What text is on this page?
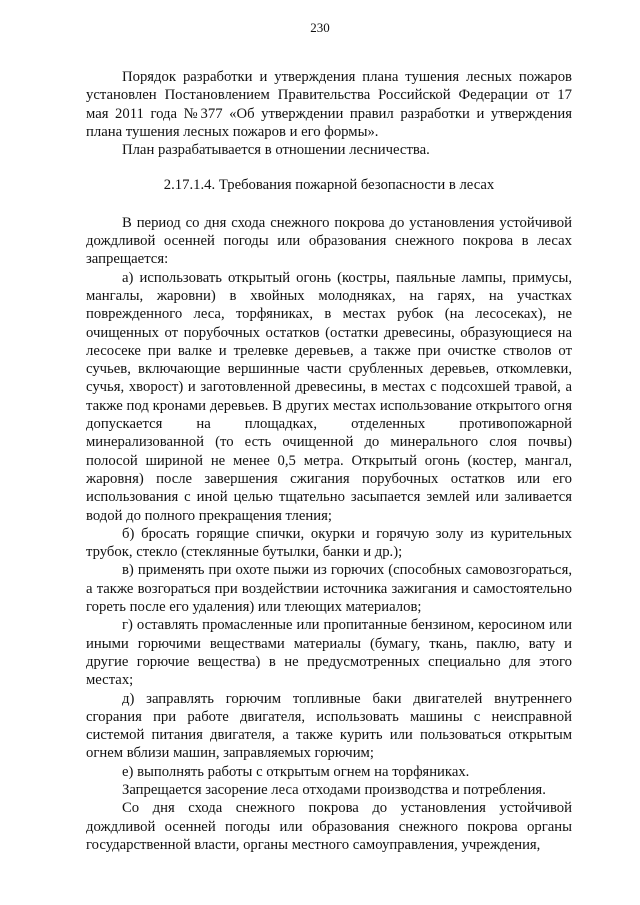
230

Порядок разработки и утверждения плана тушения лесных пожаров установлен Постановлением Правительства Российской Федерации от 17 мая 2011 года №377 «Об утверждении правил разработки и утверждения плана тушения лесных пожаров и его формы».

План разрабатывается в отношении лесничества.

2.17.1.4. Требования пожарной безопасности в лесах

В период со дня схода снежного покрова до установления устойчивой дождливой осенней погоды или образования снежного покрова в лесах запрещается:

а) использовать открытый огонь (костры, паяльные лампы, примусы, мангалы, жаровни) в хвойных молодняках, на гарях, на участках поврежденного леса, торфяниках, в местах рубок (на лесосеках), не очищенных от порубочных остатков (остатки древесины, образующиеся на лесосеке при валке и трелевке деревьев, а также при очистке стволов от сучьев, включающие вершинные части срубленных деревьев, откомлевки, сучья, хворост) и заготовленной древесины, в местах с подсохшей травой, а также под кронами деревьев. В других местах использование открытого огня допускается на площадках, отделенных противопожарной минерализованной (то есть очищенной до минерального слоя почвы) полосой шириной не менее 0,5 метра. Открытый огонь (костер, мангал, жаровня) после завершения сжигания порубочных остатков или его использования с иной целью тщательно засыпается землей или заливается водой до полного прекращения тления;

б) бросать горящие спички, окурки и горячую золу из курительных трубок, стекло (стеклянные бутылки, банки и др.);

в) применять при охоте пыжи из горючих (способных самовозгораться, а также возгораться при воздействии источника зажигания и самостоятельно гореть после его удаления) или тлеющих материалов;

г) оставлять промасленные или пропитанные бензином, керосином или иными горючими веществами материалы (бумагу, ткань, паклю, вату и другие горючие вещества) в не предусмотренных специально для этого местах;

д) заправлять горючим топливные баки двигателей внутреннего сгорания при работе двигателя, использовать машины с неисправной системой питания двигателя, а также курить или пользоваться открытым огнем вблизи машин, заправляемых горючим;

е) выполнять работы с открытым огнем на торфяниках.

Запрещается засорение леса отходами производства и потребления.

Со дня схода снежного покрова до установления устойчивой дождливой осенней погоды или образования снежного покрова органы государственной власти, органы местного самоуправления, учреждения,
